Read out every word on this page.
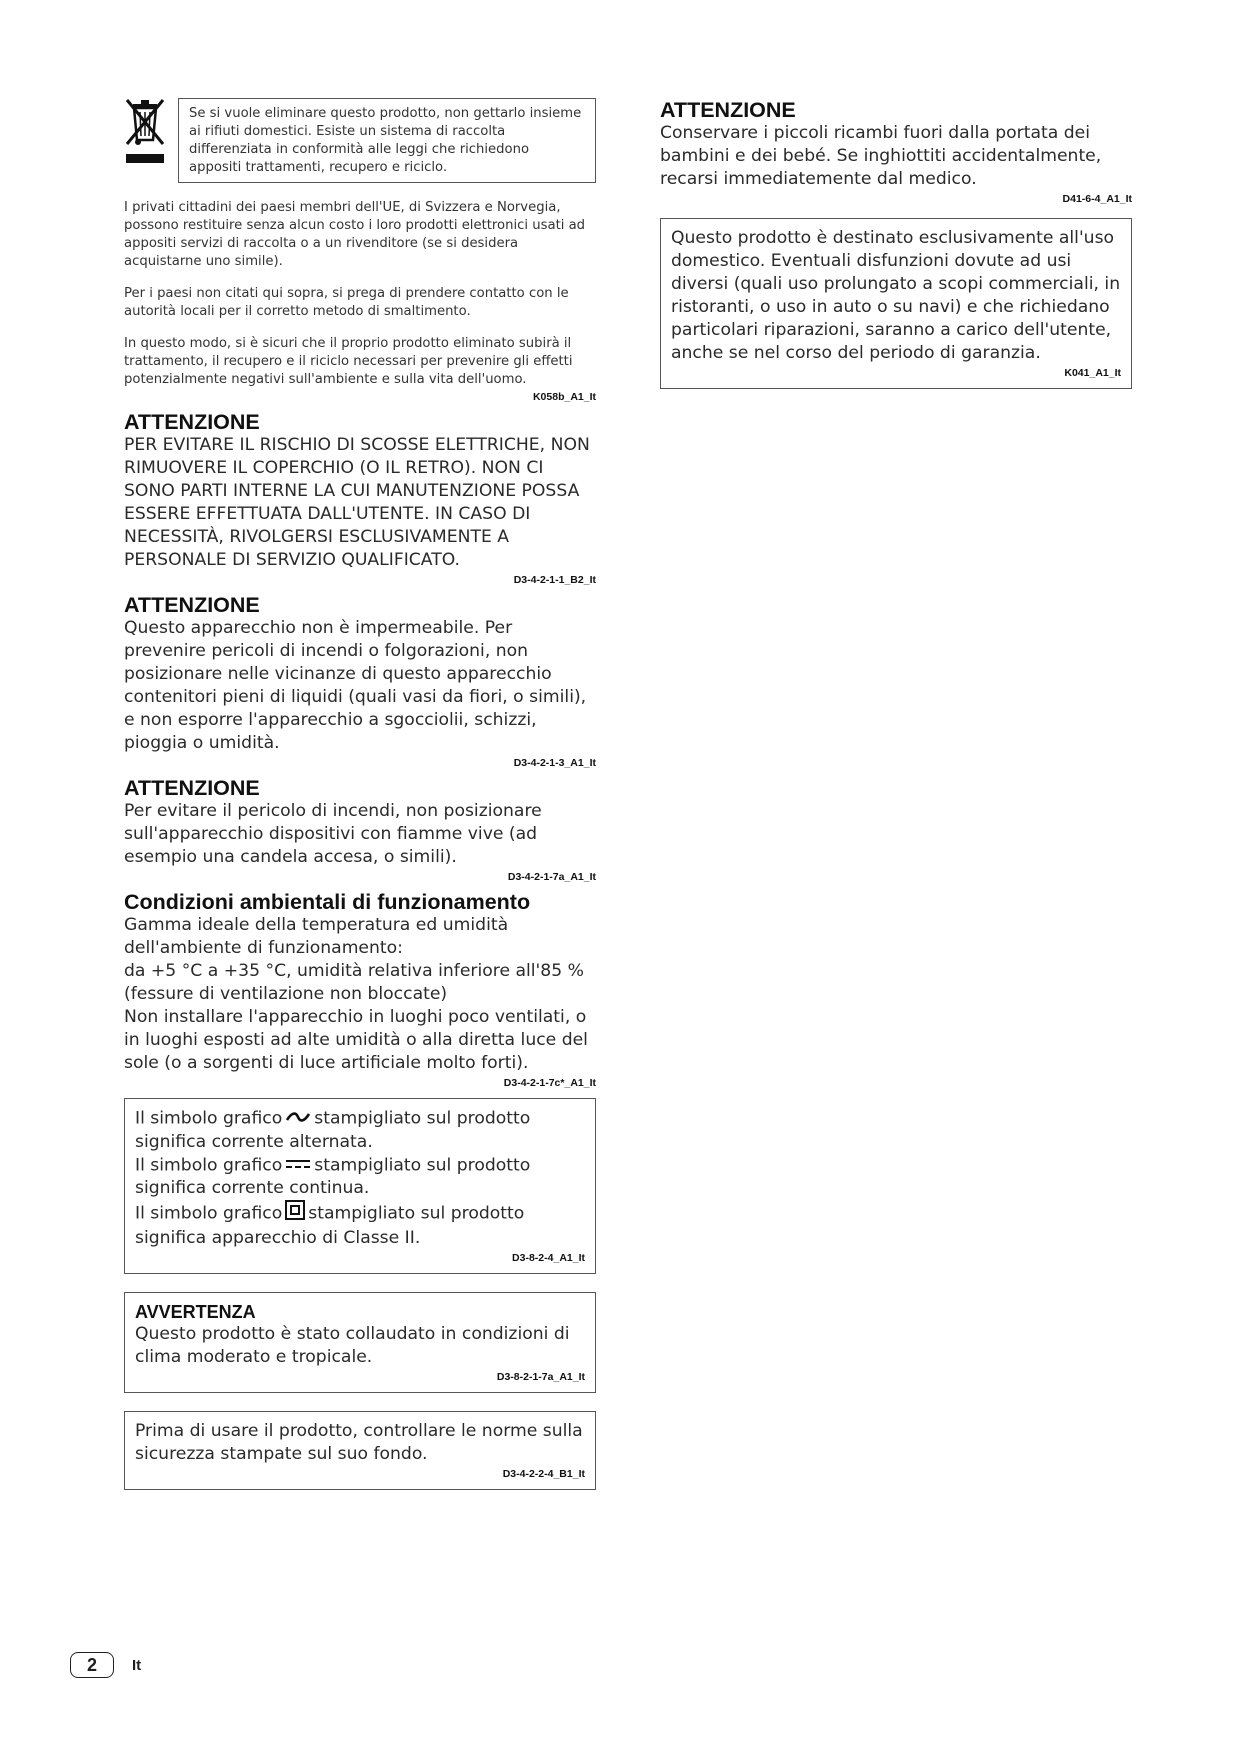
Se si vuole eliminare questo prodotto, non gettarlo insieme ai rifiuti domestici. Esiste un sistema di raccolta differenziata in conformità alle leggi che richiedono appositi trattamenti, recupero e riciclo.

I privati cittadini dei paesi membri dell'UE, di Svizzera e Norvegia, possono restituire senza alcun costo i loro prodotti elettronici usati ad appositi servizi di raccolta o a un rivenditore (se si desidera acquistarne uno simile).

Per i paesi non citati qui sopra, si prega di prendere contatto con le autorità locali per il corretto metodo di smaltimento.

In questo modo, si è sicuri che il proprio prodotto eliminato subirà il trattamento, il recupero e il riciclo necessari per prevenire gli effetti potenzialmente negativi sull'ambiente e sulla vita dell'uomo.

K058b_A1_It

ATTENZIONE

PER EVITARE IL RISCHIO DI SCOSSE ELETTRICHE, NON RIMUOVERE IL COPERCHIO (O IL RETRO). NON CI SONO PARTI INTERNE LA CUI MANUTENZIONE POSSA ESSERE EFFETTUATA DALL'UTENTE. IN CASO DI NECESSITÀ, RIVOLGERSI ESCLUSIVAMENTE A PERSONALE DI SERVIZIO QUALIFICATO.

D3-4-2-1-1_B2_It

ATTENZIONE

Questo apparecchio non è impermeabile. Per prevenire pericoli di incendi o folgorazioni, non posizionare nelle vicinanze di questo apparecchio contenitori pieni di liquidi (quali vasi da fiori, o simili), e non esporre l'apparecchio a sgocciolii, schizzi, pioggia o umidità.

D3-4-2-1-3_A1_It

ATTENZIONE

Per evitare il pericolo di incendi, non posizionare sull'apparecchio dispositivi con fiamme vive (ad esempio una candela accesa, o simili).

D3-4-2-1-7a_A1_It

Condizioni ambientali di funzionamento

Gamma ideale della temperatura ed umidità dell'ambiente di funzionamento:

da +5 °C a +35 °C, umidità relativa inferiore all'85 % (fessure di ventilazione non bloccate)

Non installare l'apparecchio in luoghi poco ventilati, o in luoghi esposti ad alte umidità o alla diretta luce del sole (o a sorgenti di luce artificiale molto forti).

D3-4-2-1-7c*_A1_It

Il simbolo grafico stampigliato sul prodotto
significa corrente alternata.

Il simbolo grafico stampigliato sul prodotto
significa corrente continua.

Il simbolo grafico stampigliato sul prodotto
significa apparecchio di Classe II.

D3-8-2-4_A1_It

AVVERTENZA

Questo prodotto è stato collaudato in condizioni di clima moderato e tropicale.

D3-8-2-1-7a_A1_It

Prima di usare il prodotto, controllare le norme sulla sicurezza stampate sul suo fondo.

D3-4-2-2-4_B1_It

ATTENZIONE

Conservare i piccoli ricambi fuori dalla portata dei bambini e dei bebé. Se inghiottiti accidentalmente, recarsi immediatemente dal medico.

D41-6-4_A1_It

Questo prodotto è destinato esclusivamente all'uso domestico. Eventuali disfunzioni dovute ad usi diversi (quali uso prolungato a scopi commerciali, in ristoranti, o uso in auto o su navi) e che richiedano particolari riparazioni, saranno a carico dell'utente, anche se nel corso del periodo di garanzia.

K041_A1_It

2	It
